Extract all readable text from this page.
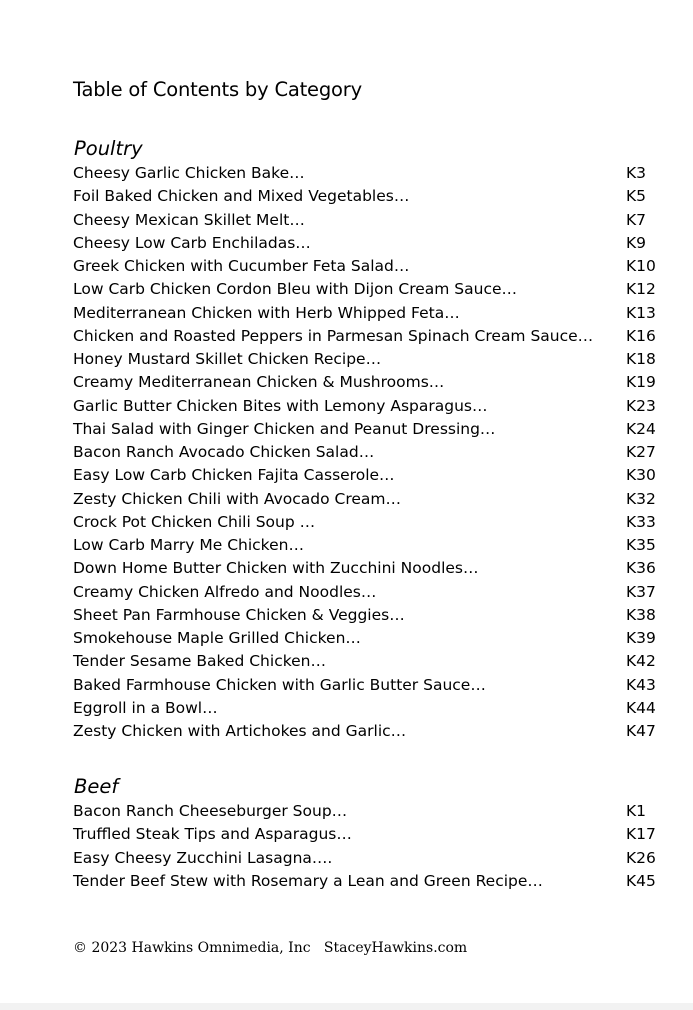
Table of Contents by Category
Poultry
Cheesy Garlic Chicken Bake…	K3
Foil Baked Chicken and Mixed Vegetables…	K5
Cheesy Mexican Skillet Melt…	K7
Cheesy Low Carb Enchiladas…	K9
Greek Chicken with Cucumber Feta Salad…	K10
Low Carb Chicken Cordon Bleu with Dijon Cream Sauce…	K12
Mediterranean Chicken with Herb Whipped Feta…	K13
Chicken and Roasted Peppers in Parmesan Spinach Cream Sauce… K16
Honey Mustard Skillet Chicken Recipe…	K18
Creamy Mediterranean Chicken & Mushrooms…	K19
Garlic Butter Chicken Bites with Lemony Asparagus…	K23
Thai Salad with Ginger Chicken and Peanut Dressing…	K24
Bacon Ranch Avocado Chicken Salad…	K27
Easy Low Carb Chicken Fajita Casserole…	K30
Zesty Chicken Chili with Avocado Cream…	K32
Crock Pot Chicken Chili Soup …	K33
Low Carb Marry Me Chicken…	K35
Down Home Butter Chicken with Zucchini Noodles…	K36
Creamy Chicken Alfredo and Noodles…	K37
Sheet Pan Farmhouse Chicken & Veggies…	K38
Smokehouse Maple Grilled Chicken…	K39
Tender Sesame Baked Chicken…	K42
Baked Farmhouse Chicken with Garlic Butter Sauce…	K43
Eggroll in a Bowl…	K44
Zesty Chicken with Artichokes and Garlic…	K47
Beef
Bacon Ranch Cheeseburger Soup…	K1
Truffled Steak Tips and Asparagus…	K17
Easy Cheesy Zucchini Lasagna….	K26
Tender Beef Stew with Rosemary a Lean and Green Recipe…	K45
© 2023 Hawkins Omnimedia, Inc   StaceyHawkins.com
